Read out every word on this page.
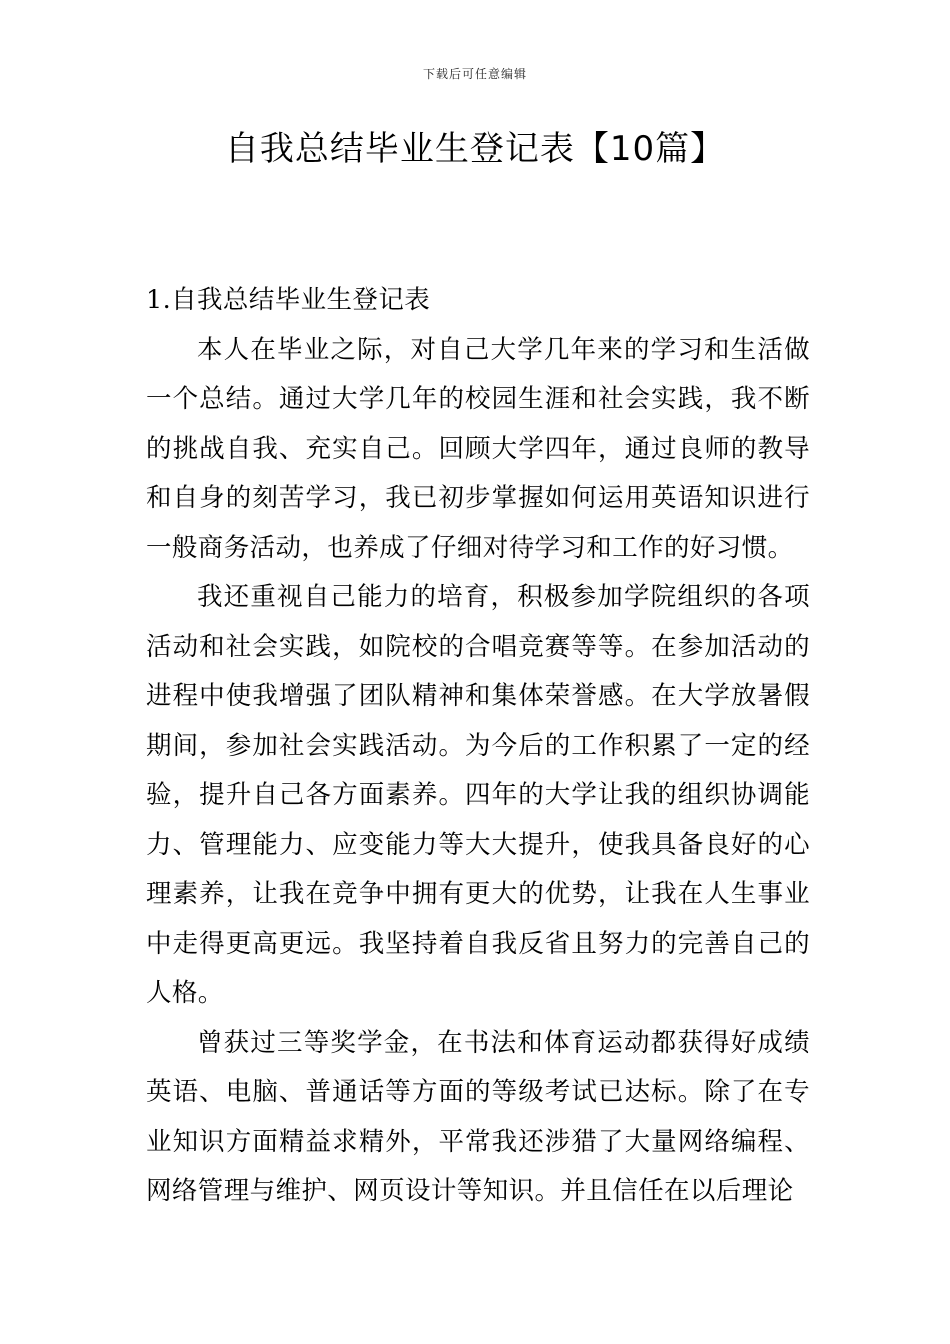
下载后可任意编辑
自我总结毕业生登记表【10篇】
1.自我总结毕业生登记表

本人在毕业之际，对自己大学几年来的学习和生活做一个总结。通过大学几年的校园生涯和社会实践，我不断的挑战自我、充实自己。回顾大学四年，通过良师的教导和自身的刻苦学习，我已初步掌握如何运用英语知识进行一般商务活动，也养成了仔细对待学习和工作的好习惯。

我还重视自己能力的培育，积极参加学院组织的各项活动和社会实践，如院校的合唱竞赛等等。在参加活动的进程中使我增强了团队精神和集体荣誉感。在大学放暑假期间，参加社会实践活动。为今后的工作积累了一定的经验，提升自己各方面素养。四年的大学让我的组织协调能力、管理能力、应变能力等大大提升，使我具备良好的心理素养，让我在竞争中拥有更大的优势，让我在人生事业中走得更高更远。我坚持着自我反省且努力的完善自己的人格。

曾获过三等奖学金，在书法和体育运动都获得好成绩英语、电脑、普通话等方面的等级考试已达标。除了在专业知识方面精益求精外，平常我还涉猎了大量网络编程、网络管理与维护、网页设计等知识。并且信任在以后理论
